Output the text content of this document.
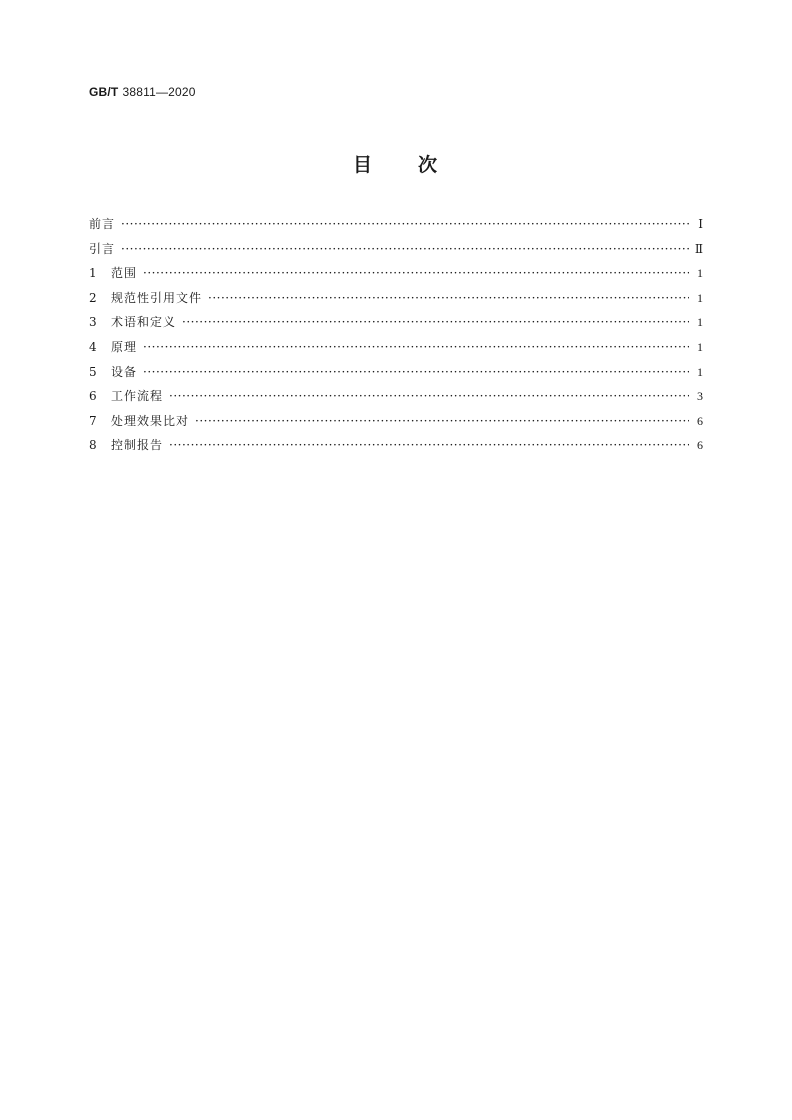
GB/T 38811—2020
目 次
前言 ·····	Ⅰ
引言 ·····	Ⅱ
1	范围 ·····	1
2	规范性引用文件 ·····	1
3	术语和定义 ·····	1
4	原理 ·····	1
5	设备 ·····	1
6	工作流程 ·····	3
7	处理效果比对 ·····	6
8	控制报告 ·····	6
